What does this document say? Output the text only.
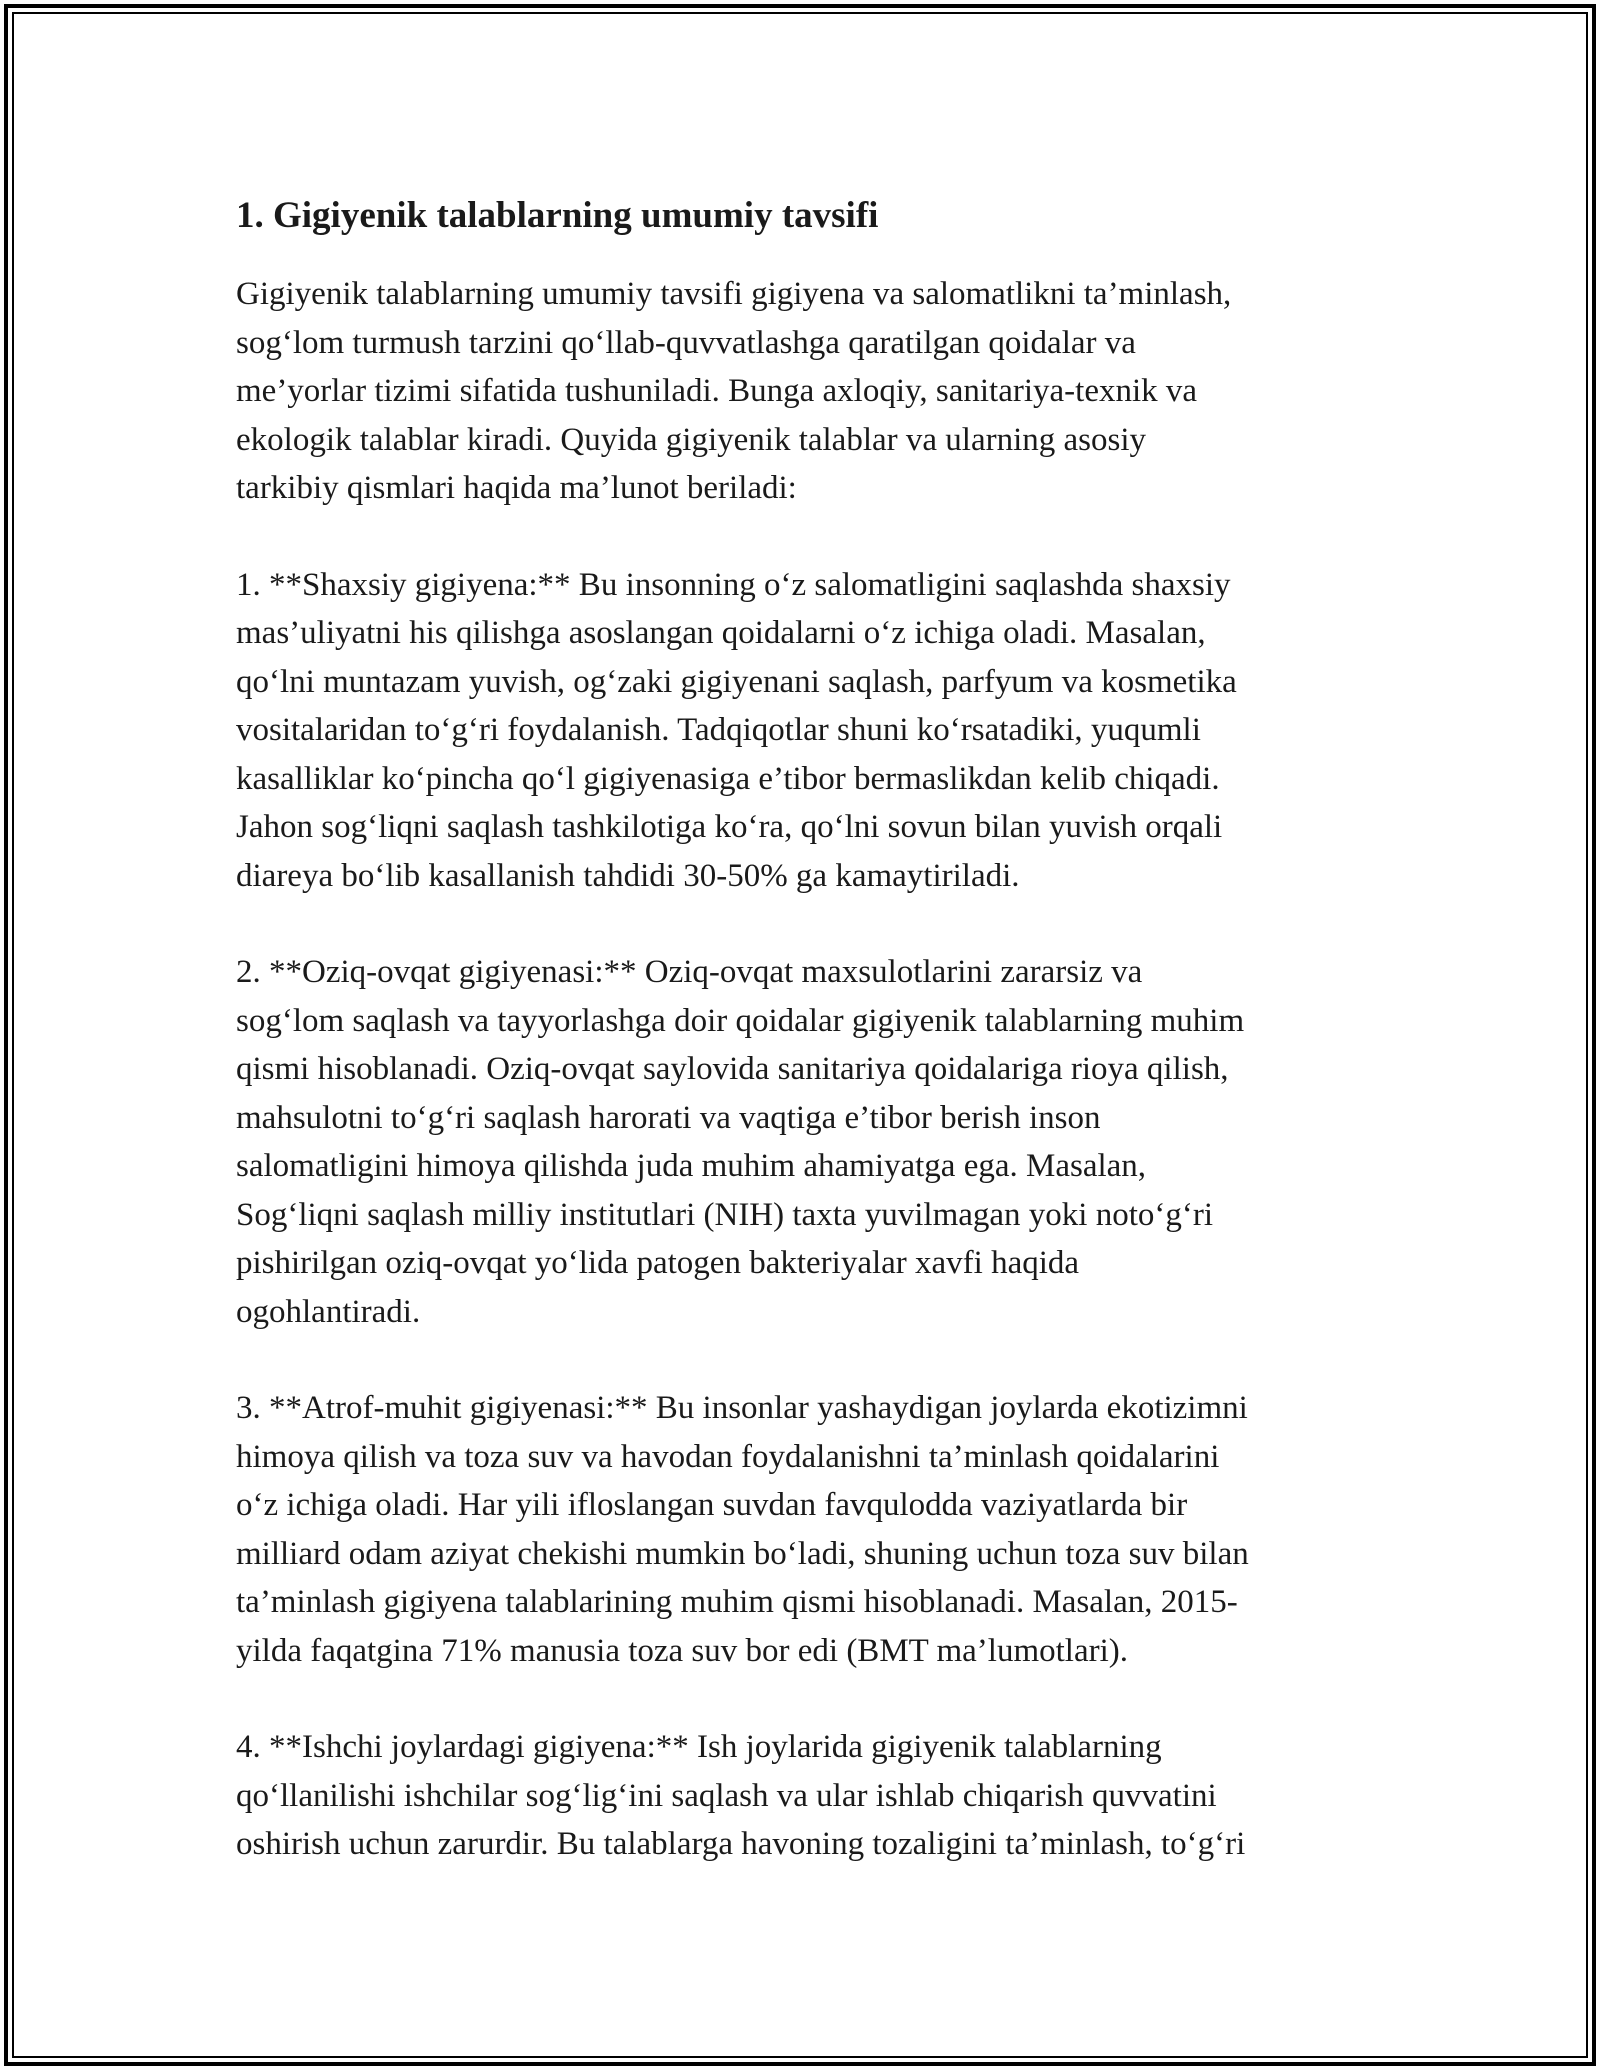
1. Gigiyenik talablarning umumiy tavsifi

Gigiyenik talablarning umumiy tavsifi gigiyena va salomatlikni ta’minlash,
sog‘lom turmush tarzini qo‘llab-quvvatlashga qaratilgan qoidalar va
me’yorlar tizimi sifatida tushuniladi. Bunga axloqiy, sanitariya-texnik va
ekologik talablar kiradi. Quyida gigiyenik talablar va ularning asosiy
tarkibiy qismlari haqida ma’lunot beriladi:

1. **Shaxsiy gigiyena:** Bu insonning o‘z salomatligini saqlashda shaxsiy
mas’uliyatni his qilishga asoslangan qoidalarni o‘z ichiga oladi. Masalan,
qo‘lni muntazam yuvish, og‘zaki gigiyenani saqlash, parfyum va kosmetika
vositalaridan to‘g‘ri foydalanish. Tadqiqotlar shuni ko‘rsatadiki, yuqumli
kasalliklar ko‘pincha qo‘l gigiyenasiga e’tibor bermaslikdan kelib chiqadi.
Jahon sog‘liqni saqlash tashkilotiga ko‘ra, qo‘lni sovun bilan yuvish orqali
diareya bo‘lib kasallanish tahdidi 30-50% ga kamaytiriladi.

2. **Oziq-ovqat gigiyenasi:** Oziq-ovqat maxsulotlarini zararsiz va
sog‘lom saqlash va tayyorlashga doir qoidalar gigiyenik talablarning muhim
qismi hisoblanadi. Oziq-ovqat saylovida sanitariya qoidalariga rioya qilish,
mahsulotni to‘g‘ri saqlash harorati va vaqtiga e’tibor berish inson
salomatligini himoya qilishda juda muhim ahamiyatga ega. Masalan,
Sog‘liqni saqlash milliy institutlari (NIH) taxta yuvilmagan yoki noto‘g‘ri
pishirilgan oziq-ovqat yo‘lida patogen bakteriyalar xavfi haqida
ogohlantiradi.

3. **Atrof-muhit gigiyenasi:** Bu insonlar yashaydigan joylarda ekotizimni
himoya qilish va toza suv va havodan foydalanishni ta’minlash qoidalarini
o‘z ichiga oladi. Har yili ifloslangan suvdan favqulodda vaziyatlarda bir
milliard odam aziyat chekishi mumkin bo‘ladi, shuning uchun toza suv bilan
ta’minlash gigiyena talablarining muhim qismi hisoblanadi. Masalan, 2015-
yilda faqatgina 71% manusia toza suv bor edi (BMT ma’lumotlari).

4. **Ishchi joylardagi gigiyena:** Ish joylarida gigiyenik talablarning
qo‘llanilishi ishchilar sog‘lig‘ini saqlash va ular ishlab chiqarish quvvatini
oshirish uchun zarurdir. Bu talablarga havoning tozaligini ta’minlash, to‘g‘ri
